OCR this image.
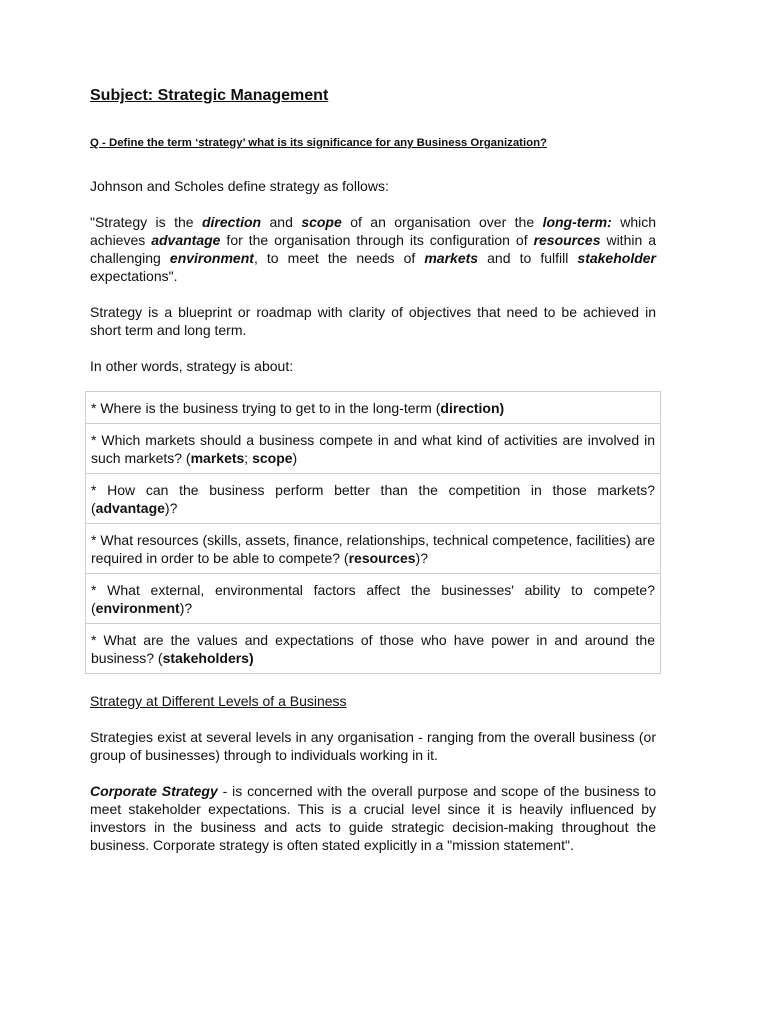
Subject: Strategic Management
Q - Define the term ‘strategy’ what is its significance for any Business Organization?

Johnson and Scholes define strategy as follows:

"Strategy is the direction and scope of an organisation over the long-term: which achieves advantage for the organisation through its configuration of resources within a challenging environment, to meet the needs of markets and to fulfill stakeholder expectations".

Strategy is a blueprint or roadmap with clarity of objectives that need to be achieved in short term and long term.

In other words, strategy is about:

* Where is the business trying to get to in the long-term (direction)
* Which markets should a business compete in and what kind of activities are involved in such markets? (markets; scope)
* How can the business perform better than the competition in those markets? (advantage)?
* What resources (skills, assets, finance, relationships, technical competence, facilities) are required in order to be able to compete? (resources)?
* What external, environmental factors affect the businesses' ability to compete? (environment)?
* What are the values and expectations of those who have power in and around the business? (stakeholders)

Strategy at Different Levels of a Business

Strategies exist at several levels in any organisation - ranging from the overall business (or group of businesses) through to individuals working in it.

Corporate Strategy - is concerned with the overall purpose and scope of the business to meet stakeholder expectations. This is a crucial level since it is heavily influenced by investors in the business and acts to guide strategic decision-making throughout the business. Corporate strategy is often stated explicitly in a "mission statement".
